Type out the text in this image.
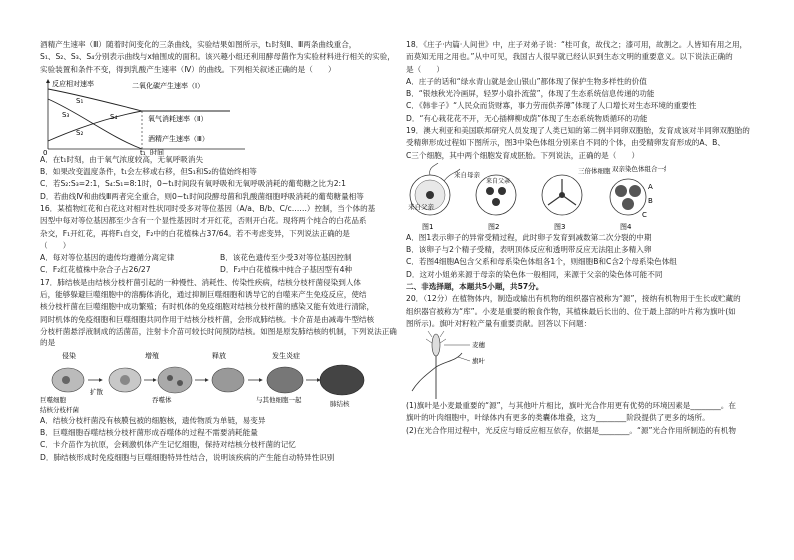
酒精产生速率（Ⅲ）随着时间变化的三条曲线，实验结果如图所示，t₁时刻Ⅱ、Ⅲ两条曲线重合，

S₁、S₂、S₃、S₄分别表示曲线与x轴围成的面积。该兴趣小组还利用酵母菌作为实验材料进行相关的实验，

实验装置和条件不变，得到乳酸产生速率（Ⅳ）的曲线。下列相关叙述正确的是（　　）

反应相对速率	二氧化碳产生速率（Ⅰ）
氧气消耗速率（Ⅱ）
酒精产生速率（Ⅲ）
S₁
S₃	S₄
S₂
0	t₁ 时间

A．在t₁时刻，由于氧气浓度较高，无氧呼吸消失

B．如果改变温度条件，t₁会左移或右移，但S₁和S₂的值始终相等

C．若S₂:S₃=2:1，S₄:S₁=8:1时，0~t₁时间段有氧呼吸和无氧呼吸消耗的葡萄糖之比为2:1

D．若曲线Ⅳ和曲线Ⅲ两者完全重合，则0~t₁时间段酵母菌和乳酸菌细胞呼吸消耗的葡萄糖量相等

16．某植物红花和白花这对相对性状同时受多对等位基因（A/a、B/b、C/c……）控制，当个体的基

因型中每对等位基因都至少含有一个显性基因时才开红花，否则开白花。现将两个纯合的白花品系

杂交，F₁开红花，再将F₁自交，F₂中的白花植株占37/64。若不考虑变异，下列说法正确的是

（　　）

A．每对等位基因的遗传均遵循分离定律	B．该花色遗传至少受3对等位基因控制

C．F₂红花植株中杂合子占26/27	D．F₂中白花植株中纯合子基因型有4种

17．肺结核是由结核分枝杆菌引起的一种慢性、消耗性、传染性疾病，结核分枝杆菌侵染到人体

后，能够躲避巨噬细胞中的溶酶体消化，通过抑制巨噬细胞和诱导它的自噬来产生免疫反应，使结

核分枝杆菌在巨噬细胞中成功繁殖；有时机体的免疫细胞对结核分枝杆菌的感染又能有效进行清除，

同时机体的免疫细胞和巨噬细胞共同作用于结核分枝杆菌，会形成肺结核。卡介苗是由减毒牛型结核

分枝杆菌悬浮液制成的活菌苗，注射卡介苗可较长时间预防结核。如图是原发肺结核的机制，下列说法正确的是

侵染	增殖	释放	发生炎症
巨噬细胞
扩散
吞噬体
结核分枝杆菌
与其他细胞一起	肺结核

A．结核分枝杆菌没有核膜包被的细胞核，遗传物质为单链，易变异

B．巨噬细胞吞噬结核分枝杆菌形成吞噬体的过程不需要消耗能量

C．卡介苗作为抗原，会刺激机体产生记忆细胞，保持对结核分枝杆菌的记忆

D．肺结核形成时免疫细胞与巨噬细胞特异性结合，说明该疾病的产生能自动特异性识别

18．《庄子·内篇·人间世》中，庄子对弟子说：“桂可食，故伐之；漆可用，故割之。人皆知有用之用，

而莫知无用之用也。”从中可见，我国古人很早就已经认识到生态文明的重要意义。以下说法正确的

是（　　）

A．庄子的话和“绿水青山就是金山银山”都体现了保护生物多样性的价值

B．“银烛秋光冷画屏，轻罗小扇扑流萤”，体现了生态系统信息传递的功能

C．《韩非子》“人民众而货财寡，事力劳而供养薄”体现了人口增长对生态环境的重要性

D．“有心栽花花不开，无心插柳柳成荫”体现了生态系统物质循环的功能

19．澳大利亚和美国联邦研究人员发现了人类已知的第二例半同卵双胞胎，发育成该对半同卵双胞胎的

受精卵形成过程如下图所示，图3中染色体组分别来自不同的个体，由受精卵发育形成的A、B、

C三个细胞，其中两个细胞发育成胚胎。下列说法，正确的是（　　）

来自母亲
来自父亲
图1
来自父亲
图2
三倍体细胞
图3
双亲染色体组合一组
A
B
C
图4

A．图1表示卵子的异常受精过程，此时卵子发育到减数第二次分裂的中期

B．该卵子与2个精子受精，表明顶体反应和透明带反应无法阻止多精入卵

C．若图4细胞A包含父系和母系染色体组各1个，则细胞B和C含2个母系染色体组

D．这对小姐弟来源于母亲的染色体一般相同，来源于父亲的染色体可能不同

二、非选择题，本题共5小题，共57分。

20．（12分）在植物体内，制造或输出有机物的组织器官被称为“源”，接纳有机物用于生长或贮藏的

组织器官被称为“库”。小麦是重要的粮食作物，其植株最后长出的、位于最上部的叶片称为旗叶(如

图所示)。旗叶对籽粒产量有重要贡献。回答以下问题：

麦穗
旗叶

(1)旗叶是小麦最重要的“源”，与其他叶片相比，旗叶光合作用更有优势的环境因素是________。在

旗叶的叶肉细胞中，叶绿体内有更多的类囊体堆叠，这为________阶段提供了更多的场所。

(2)在光合作用过程中，光反应与暗反应相互依存，依据是________。“源”光合作用所制造的有机物
